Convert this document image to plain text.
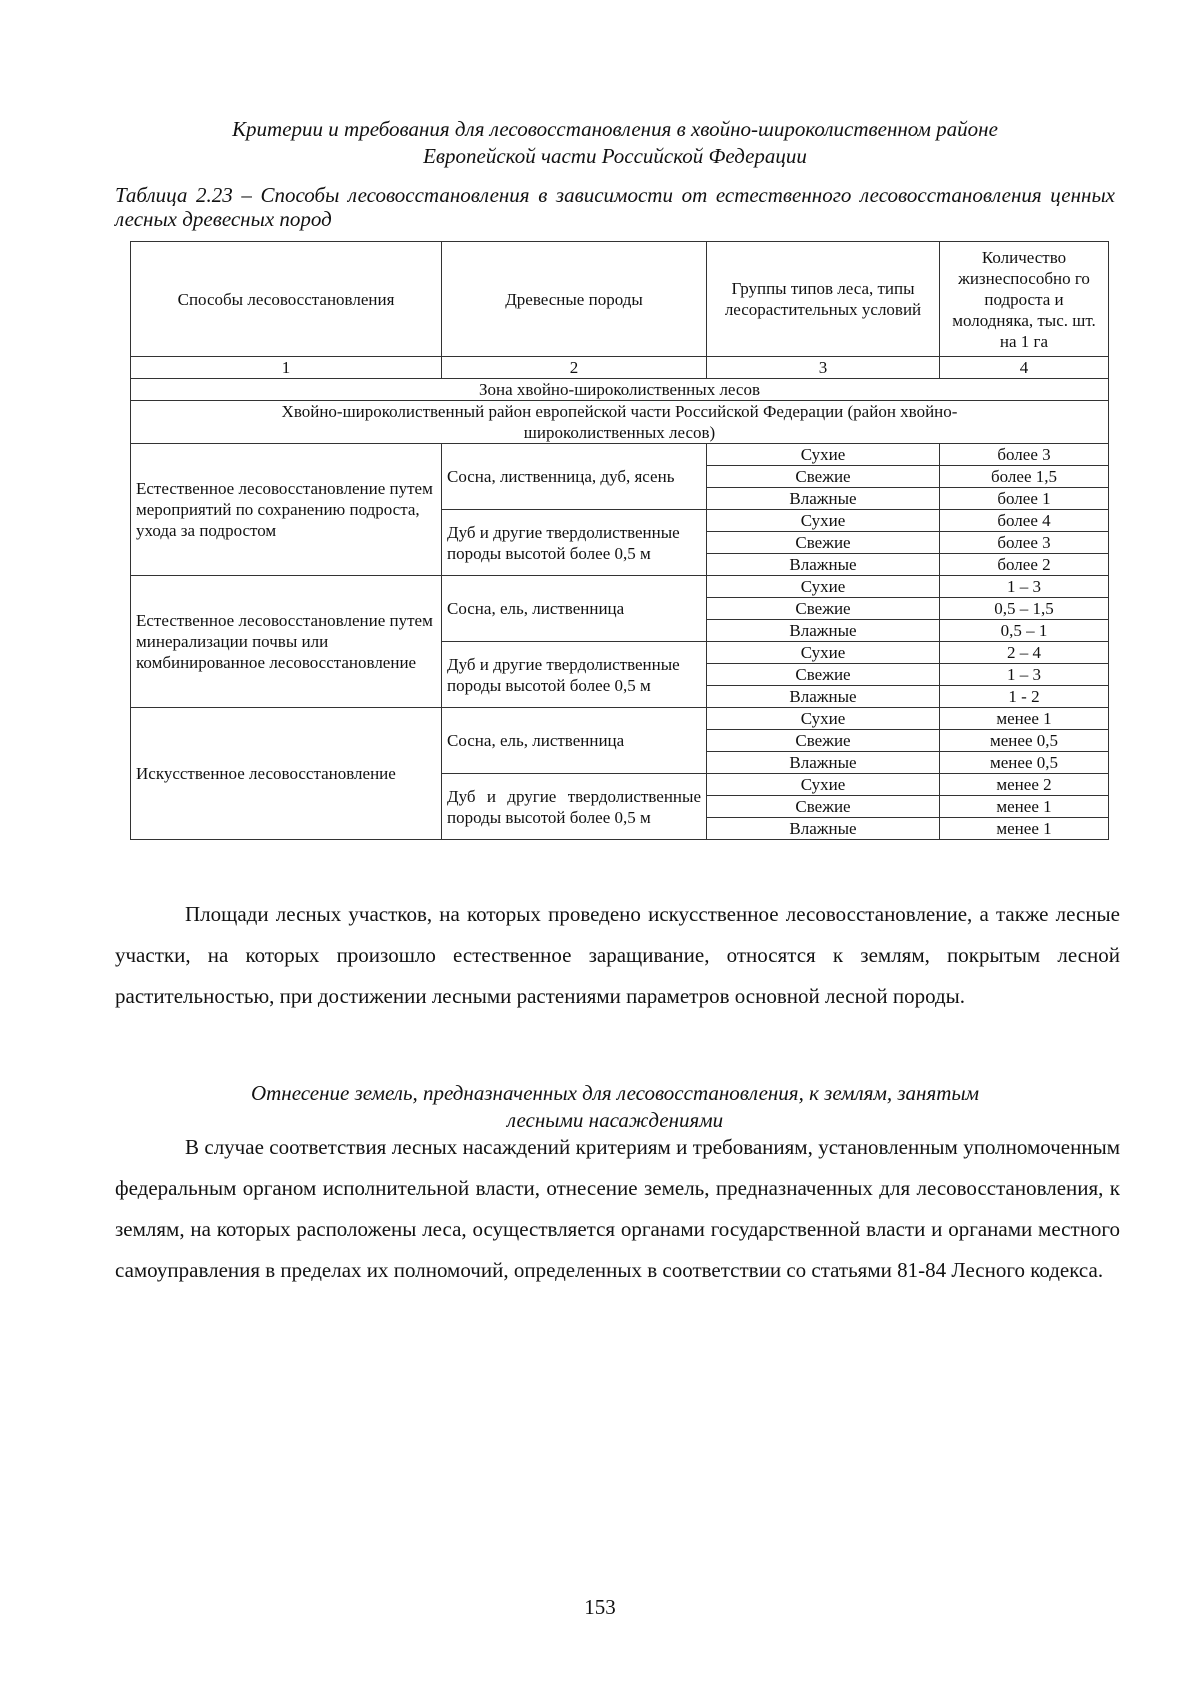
Критерии и требования для лесовосстановления в хвойно-широколиственном районе
Европейской части Российской Федерации

Таблица 2.23 – Способы лесовосстановления в зависимости от естественного лесовосстановления ценных лесных древесных пород

Способы лесовосстановления	Древесные породы	Группы типов леса, типы лесорастительных условий	Количество жизнеспособно го подроста и молодняка, тыс. шт. на 1 га
1	2	3	4
Зона хвойно-широколиственных лесов			
Хвойно-широколиственный район европейской части Российской Федерации (район хвойно-широколиственных лесов)			
Естественное лесовосстановление путем мероприятий по сохранению подроста, ухода за подростом	Сосна, лиственница, дуб, ясень	Сухие	более 3
		Свежие	более 1,5
		Влажные	более 1
	Дуб и другие твердолиственные породы высотой более 0,5 м	Сухие	более 4
		Свежие	более 3
		Влажные	более 2
Естественное лесовосстановление путем минерализации почвы или комбинированное лесовосстановление	Сосна, ель, лиственница	Сухие	1 – 3
		Свежие	0,5 – 1,5
		Влажные	0,5 – 1
	Дуб и другие твердолиственные породы высотой более 0,5 м	Сухие	2 – 4
		Свежие	1 – 3
		Влажные	1 - 2
Искусственное лесовосстановление	Сосна, ель, лиственница	Сухие	менее 1
		Свежие	менее 0,5
		Влажные	менее 0,5
	Дуб и другие твердолиственные породы высотой более 0,5 м	Сухие	менее 2
		Свежие	менее 1
		Влажные	менее 1

Площади лесных участков, на которых проведено искусственное лесовосстановление, а также лесные участки, на которых произошло естественное заращивание, относятся к землям, покрытым лесной растительностью, при достижении лесными растениями параметров основной лесной породы.

Отнесение земель, предназначенных для лесовосстановления, к землям, занятым
лесными насаждениями

В случае соответствия лесных насаждений критериям и требованиям, установленным уполномоченным федеральным органом исполнительной власти, отнесение земель, предназначенных для лесовосстановления, к землям, на которых расположены леса, осуществляется органами государственной власти и органами местного самоуправления в пределах их полномочий, определенных в соответствии со статьями 81-84 Лесного кодекса.

153
